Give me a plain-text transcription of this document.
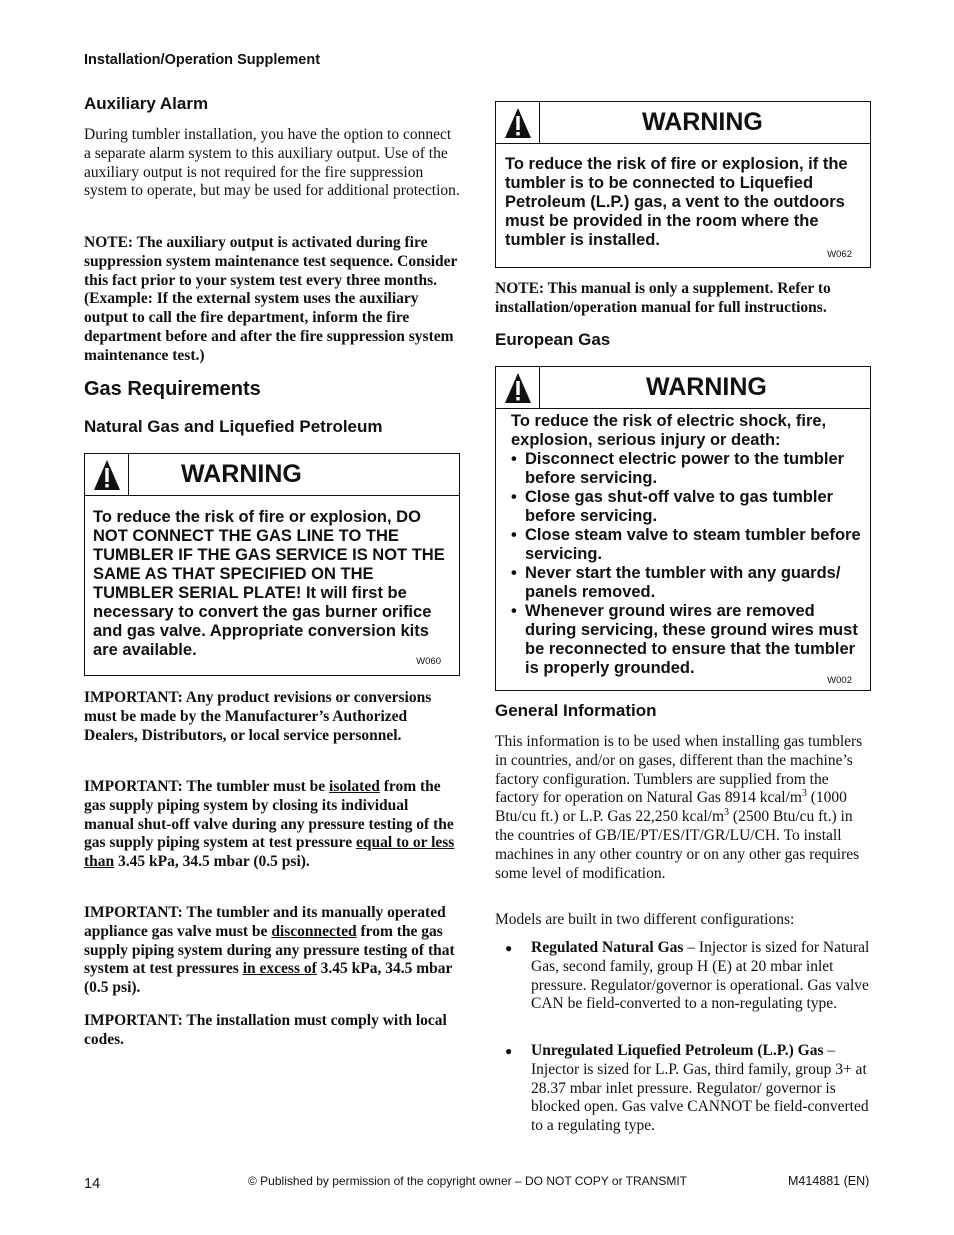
Installation/Operation Supplement
Auxiliary Alarm

During tumbler installation, you have the option to connect a separate alarm system to this auxiliary output. Use of the auxiliary output is not required for the fire suppression system to operate, but may be used for additional protection.

NOTE: The auxiliary output is activated during fire suppression system maintenance test sequence. Consider this fact prior to your system test every three months. (Example: If the external system uses the auxiliary output to call the fire department, inform the fire department before and after the fire suppression system maintenance test.)

Gas Requirements
Natural Gas and Liquefied Petroleum
WARNING
To reduce the risk of fire or explosion, DO NOT CONNECT THE GAS LINE TO THE TUMBLER IF THE GAS SERVICE IS NOT THE SAME AS THAT SPECIFIED ON THE TUMBLER SERIAL PLATE! It will first be necessary to convert the gas burner orifice and gas valve. Appropriate conversion kits are available.
W060

IMPORTANT: Any product revisions or conversions must be made by the Manufacturer’s Authorized Dealers, Distributors, or local service personnel.

IMPORTANT: The tumbler must be isolated from the gas supply piping system by closing its individual manual shut-off valve during any pressure testing of the gas supply piping system at test pressure equal to or less than 3.45 kPa, 34.5 mbar (0.5 psi).

IMPORTANT: The tumbler and its manually operated appliance gas valve must be disconnected from the gas supply piping system during any pressure testing of that system at test pressures in excess of 3.45 kPa, 34.5 mbar (0.5 psi).

IMPORTANT: The installation must comply with local codes.

WARNING
To reduce the risk of fire or explosion, if the tumbler is to be connected to Liquefied Petroleum (L.P.) gas, a vent to the outdoors must be provided in the room where the tumbler is installed.
W062

NOTE: This manual is only a supplement. Refer to installation/operation manual for full instructions.

European Gas
WARNING
To reduce the risk of electric shock, fire, explosion, serious injury or death:
• Disconnect electric power to the tumbler before servicing.
• Close gas shut-off valve to gas tumbler before servicing.
• Close steam valve to steam tumbler before servicing.
• Never start the tumbler with any guards/ panels removed.
• Whenever ground wires are removed during servicing, these ground wires must be reconnected to ensure that the tumbler is properly grounded.
W002
General Information

This information is to be used when installing gas tumblers in countries, and/or on gases, different than the machine’s factory configuration. Tumblers are supplied from the factory for operation on Natural Gas 8914 kcal/$m^3$ (1000 Btu/cu ft.) or L.P. Gas 22,250 kcal/$m^3$ (2500 Btu/cu ft.) in the countries of GB/IE/PT/ES/IT/GR/LU/CH. To install machines in any other country or on any other gas requires some level of modification.

Models are built in two different configurations:

●	Regulated Natural Gas – Injector is sized for Natural Gas, second family, group H (E) at 20 mbar inlet pressure. Regulator/governor is operational. Gas valve CAN be field-converted to a non-regulating type.

●	Unregulated Liquefied Petroleum (L.P.) Gas – Injector is sized for L.P. Gas, third family, group 3+ at 28.37 mbar inlet pressure. Regulator/ governor is blocked open. Gas valve CANNOT be field-converted to a regulating type.

14	© Published by permission of the copyright owner – DO NOT COPY or TRANSMIT	M414881 (EN)
